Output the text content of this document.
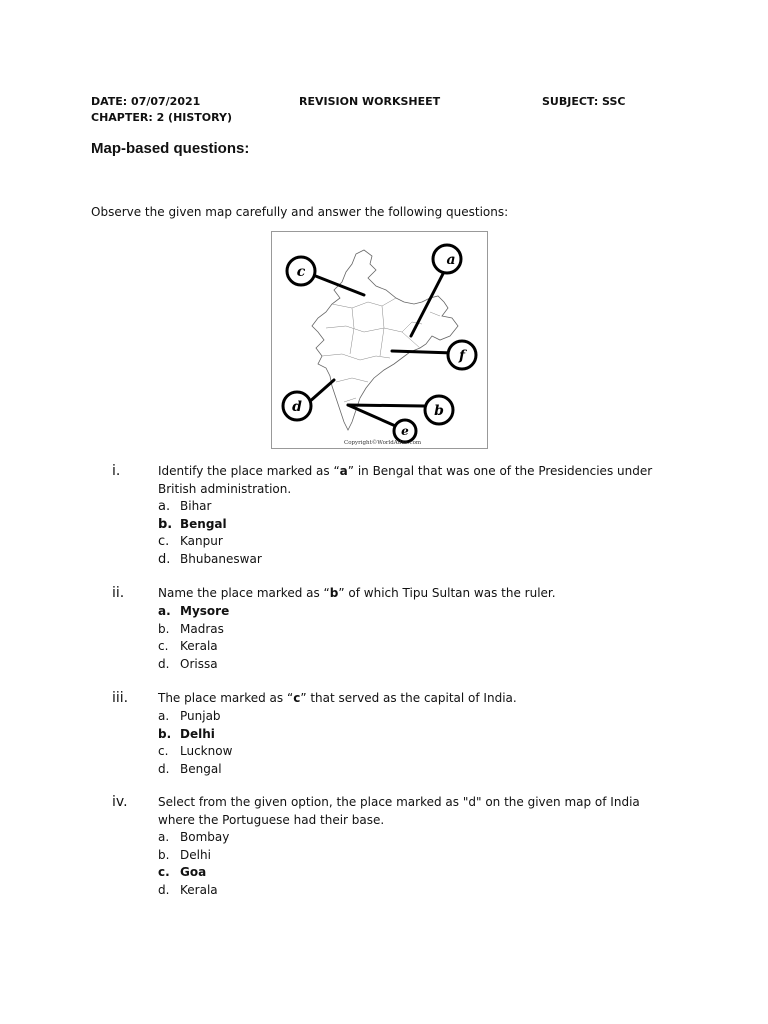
DATE: 07/07/2021	REVISION WORKSHEET	SUBJECT: SSC
CHAPTER: 2 (HISTORY)
Map-based questions:
Observe the given map carefully and answer the following questions:
c
a
f
d	b
e
Copyright©WorldAtlas.com
i.	Identify the place marked as “a” in Bengal that was one of the Presidencies under British administration.
a. Bihar
b. Bengal
c. Kanpur
d. Bhubaneswar
ii.	Name the place marked as “b” of which Tipu Sultan was the ruler.
a. Mysore
b. Madras
c. Kerala
d. Orissa
iii. The place marked as “c” that served as the capital of India.
a. Punjab
b. Delhi
c. Lucknow
d. Bengal
iv.	Select from the given option, the place marked as "d" on the given map of India where the Portuguese had their base.
a. Bombay
b. Delhi
c. Goa
d. Kerala
